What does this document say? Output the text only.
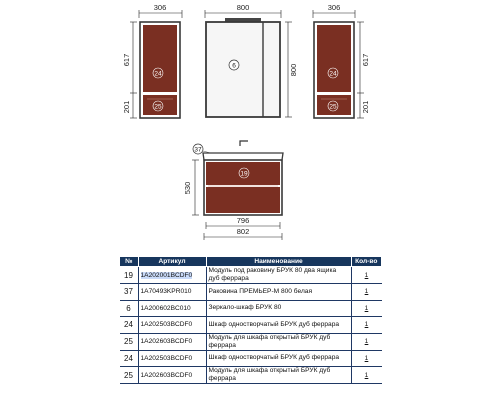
306
24
25
617
201
800
6	800
306
24
25
617
201
37
19
530
796
802
№	Артикул	Наименование	Кол-во
19	1A202001BCDF0	Модуль под раковину БРУК 80 два ящика дуб феррара	1
37	1A70493KPR010	Раковина ПРЕМЬЕР-М 800 белая	1
6	1A200602BC010	Зеркало-шкаф БРУК 80	1
24	1A202503BCDF0	Шкаф одностворчатый БРУК дуб феррара	1
25	1A202603BCDF0	Модуль для шкафа открытый БРУК дуб феррара	1
24	1A202503BCDF0	Шкаф одностворчатый БРУК дуб феррара	1
25	1A202603BCDF0	Модуль для шкафа открытый БРУК дуб феррара	1
